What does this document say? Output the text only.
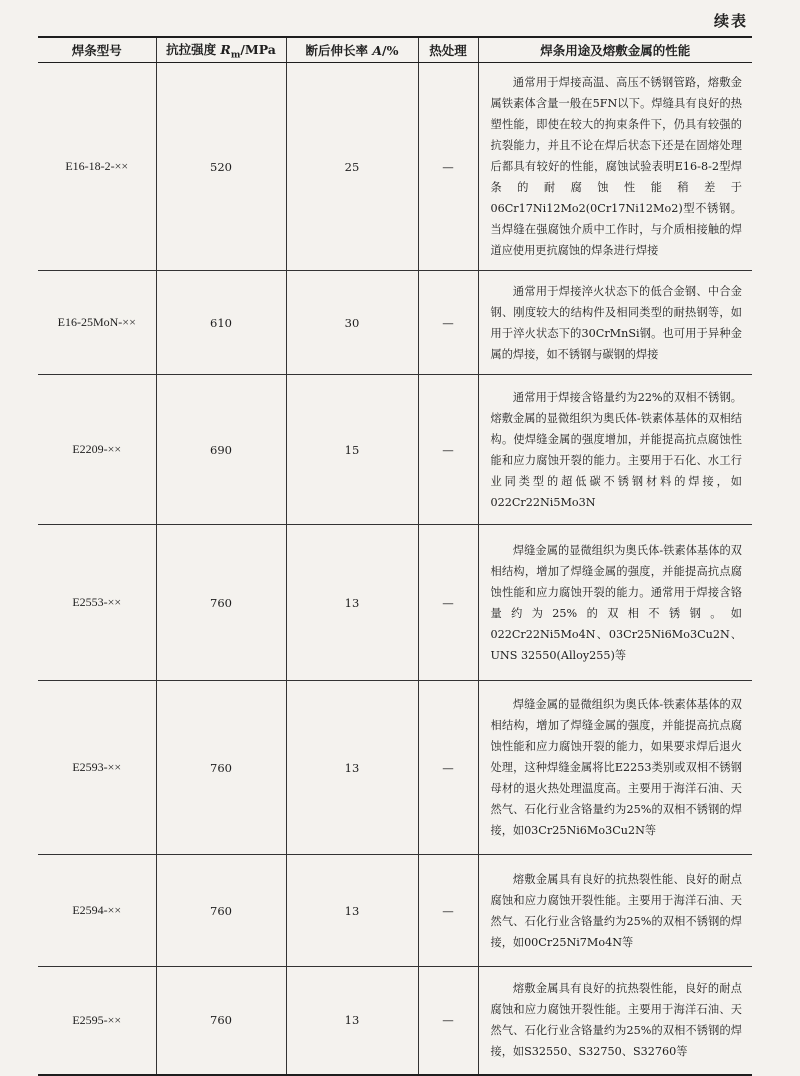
续表
焊条型号	抗拉强度 $R_m$/MPa	断后伸长率 A/%	热处理	焊条用途及熔敷金属的性能
E16-18-2-××	520	25	—	通常用于焊接高温、高压不锈钢管路，熔敷金属铁素体含量一般在5FN以下。焊缝具有良好的热塑性能，即使在较大的拘束条件下，仍具有较强的抗裂能力，并且不论在焊后状态下还是在固熔处理后都具有较好的性能，腐蚀试验表明E16-8-2型焊条的耐腐蚀性能稍差于06Cr17Ni12Mo2(0Cr17Ni12Mo2)型不锈钢。当焊缝在强腐蚀介质中工作时，与介质相接触的焊道应使用更抗腐蚀的焊条进行焊接

E16-25MoN-××	610	30	—	通常用于焊接淬火状态下的低合金钢、中合金钢、刚度较大的结构件及相同类型的耐热钢等，如用于淬火状态下的30CrMnSi钢。也可用于异种金属的焊接，如不锈钢与碳钢的焊接

E2209-××	690	15	—	通常用于焊接含铬量约为22%的双相不锈钢。熔敷金属的显微组织为奥氏体-铁素体基体的双相结构。使焊缝金属的强度增加，并能提高抗点腐蚀性能和应力腐蚀开裂的能力。主要用于石化、水工行业同类型的超低碳不锈钢材料的焊接，如022Cr22Ni5Mo3N

E2553-××	760	13	—	焊缝金属的显微组织为奥氏体-铁素体基体的双相结构，增加了焊缝金属的强度，并能提高抗点腐蚀性能和应力腐蚀开裂的能力。通常用于焊接含铬量约为25%的双相不锈钢。如022Cr22Ni5Mo4N、03Cr25Ni6Mo3Cu2N、UNS 32550(Alloy255)等

E2593-××	760	13	—	焊缝金属的显微组织为奥氏体-铁素体基体的双相结构，增加了焊缝金属的强度，并能提高抗点腐蚀性能和应力腐蚀开裂的能力，如果要求焊后退火处理，这种焊缝金属将比E2253类别或双相不锈钢母材的退火热处理温度高。主要用于海洋石油、天然气、石化行业含铬量约为25%的双相不锈钢的焊接，如03Cr25Ni6Mo3Cu2N等

E2594-××	760	13	—	熔敷金属具有良好的抗热裂性能、良好的耐点腐蚀和应力腐蚀开裂性能。主要用于海洋石油、天然气、石化行业含铬量约为25%的双相不锈钢的焊接，如00Cr25Ni7Mo4N等

E2595-××	760	13	—	熔敷金属具有良好的抗热裂性能，良好的耐点腐蚀和应力腐蚀开裂性能。主要用于海洋石油、天然气、石化行业含铬量约为25%的双相不锈钢的焊接，如S32550、S32750、S32760等
